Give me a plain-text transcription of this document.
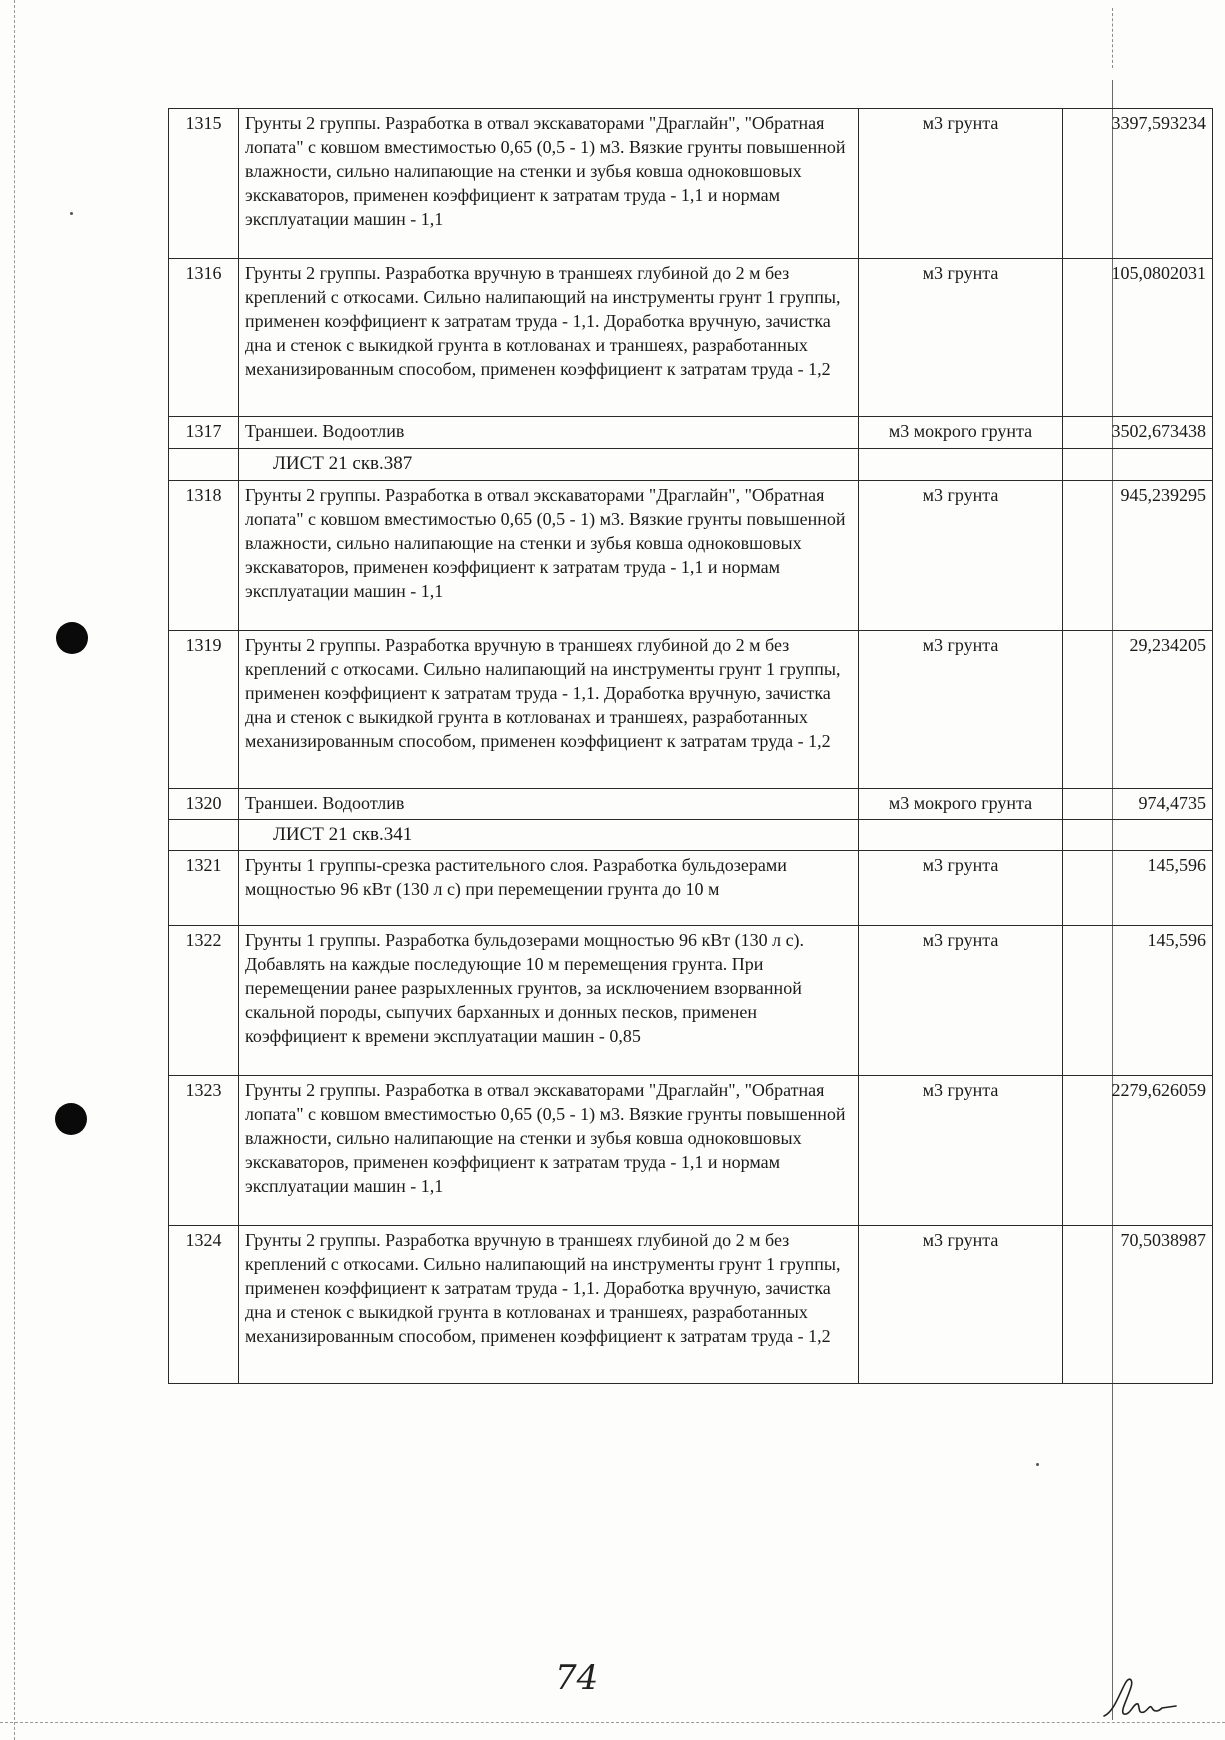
1315	Грунты 2 группы. Разработка в отвал экскаваторами "Драглайн", "Обратная лопата" с ковшом вместимостью 0,65 (0,5 - 1) м3. Вязкие грунты повышенной влажности, сильно налипающие на стенки и зубья ковша одноковшовых экскаваторов, применен коэффициент к затратам труда - 1,1 и нормам эксплуатации машин - 1,1	м3 грунта	3397,593234
1316	Грунты 2 группы. Разработка вручную в траншеях глубиной до 2 м без креплений с откосами. Сильно налипающий на инструменты грунт 1 группы, применен коэффициент к затратам труда - 1,1. Доработка вручную, зачистка дна и стенок с выкидкой грунта в котлованах и траншеях, разработанных механизированным способом, применен коэффициент к затратам труда - 1,2	м3 грунта	105,0802031
1317	Траншеи. Водоотлив	м3 мокрого грунта	3502,673438
	ЛИСТ 21 скв.387		
1318	Грунты 2 группы. Разработка в отвал экскаваторами "Драглайн", "Обратная лопата" с ковшом вместимостью 0,65 (0,5 - 1) м3. Вязкие грунты повышенной влажности, сильно налипающие на стенки и зубья ковша одноковшовых экскаваторов, применен коэффициент к затратам труда - 1,1 и нормам эксплуатации машин - 1,1	м3 грунта	945,239295
1319	Грунты 2 группы. Разработка вручную в траншеях глубиной до 2 м без креплений с откосами. Сильно налипающий на инструменты грунт 1 группы, применен коэффициент к затратам труда - 1,1. Доработка вручную, зачистка дна и стенок с выкидкой грунта в котлованах и траншеях, разработанных механизированным способом, применен коэффициент к затратам труда - 1,2	м3 грунта	29,234205
1320	Траншеи. Водоотлив	м3 мокрого грунта	974,4735
	ЛИСТ 21 скв.341		
1321	Грунты 1 группы-срезка растительного слоя. Разработка бульдозерами мощностью 96 кВт (130 л с) при перемещении грунта до 10 м	м3 грунта	145,596
1322	Грунты 1 группы. Разработка бульдозерами мощностью 96 кВт (130 л с). Добавлять на каждые последующие 10 м перемещения грунта. При перемещении ранее разрыхленных грунтов, за исключением взорванной скальной породы, сыпучих барханных и донных песков, применен коэффициент к времени эксплуатации машин - 0,85	м3 грунта	145,596
1323	Грунты 2 группы. Разработка в отвал экскаваторами "Драглайн", "Обратная лопата" с ковшом вместимостью 0,65 (0,5 - 1) м3. Вязкие грунты повышенной влажности, сильно налипающие на стенки и зубья ковша одноковшовых экскаваторов, применен коэффициент к затратам труда - 1,1 и нормам эксплуатации машин - 1,1	м3 грунта	2279,626059
1324	Грунты 2 группы. Разработка вручную в траншеях глубиной до 2 м без креплений с откосами. Сильно налипающий на инструменты грунт 1 группы, применен коэффициент к затратам труда - 1,1. Доработка вручную, зачистка дна и стенок с выкидкой грунта в котлованах и траншеях, разработанных механизированным способом, применен коэффициент к затратам труда - 1,2	м3 грунта	70,5038987
74
